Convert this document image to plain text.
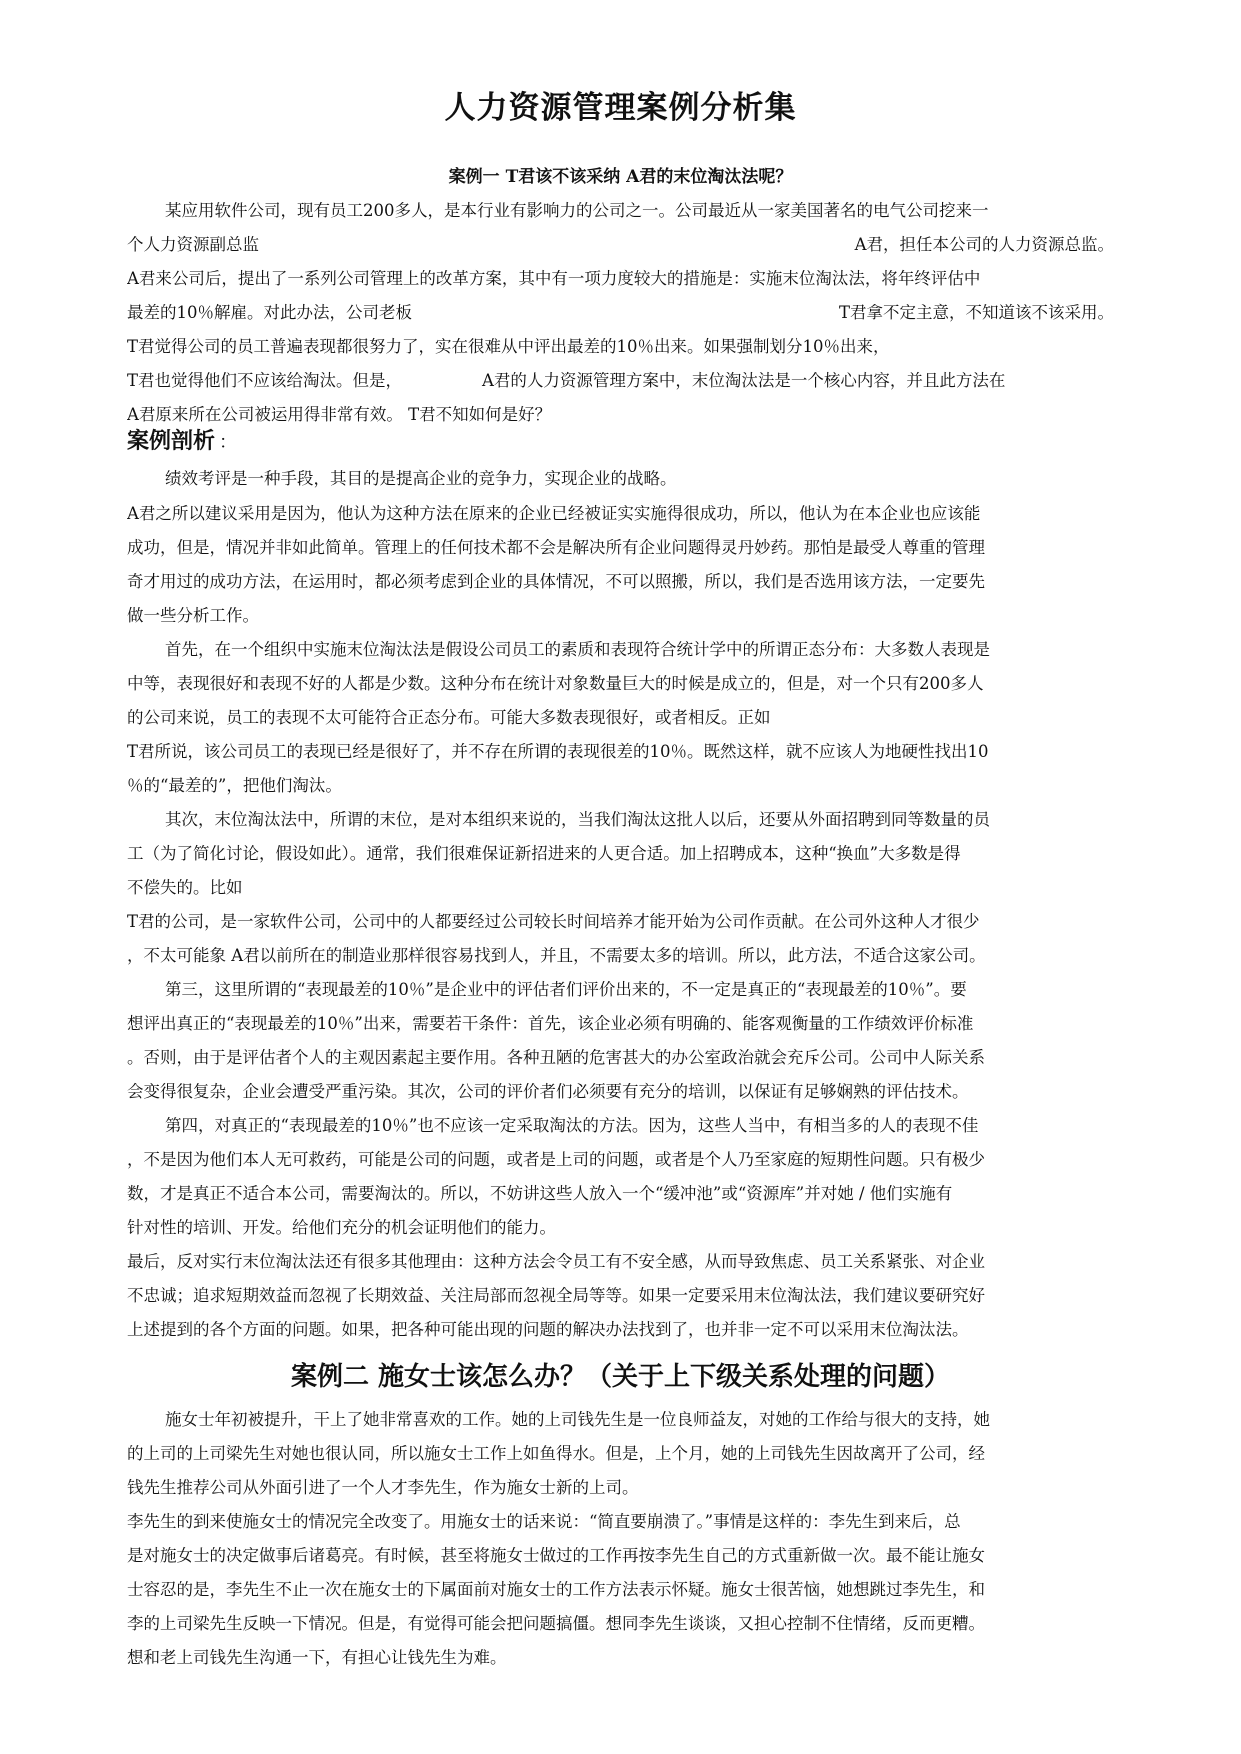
人力资源管理案例分析集
案例一 T君该不该采纳 A君的末位淘汰法呢？
某应用软件公司，现有员工200多人，是本行业有影响力的公司之一。公司最近从一家美国著名的电气公司挖来一
个人力资源副总监	A君，担任本公司的人力资源总监。
A君来公司后，提出了一系列公司管理上的改革方案，其中有一项力度较大的措施是：实施末位淘汰法，将年终评估中
最差的10％解雇。对此办法，公司老板	T君拿不定主意，不知道该不该采用。
T君觉得公司的员工普遍表现都很努力了，实在很难从中评出最差的10％出来。如果强制划分10％出来，
T君也觉得他们不应该给淘汰。但是，	A君的人力资源管理方案中，末位淘汰法是一个核心内容，并且此方法在
A君原来所在公司被运用得非常有效。 T君不知如何是好？
案例剖析 ：
绩效考评是一种手段，其目的是提高企业的竞争力，实现企业的战略。
A君之所以建议采用是因为，他认为这种方法在原来的企业已经被证实实施得很成功，所以，他认为在本企业也应该能
成功，但是，情况并非如此简单。管理上的任何技术都不会是解决所有企业问题得灵丹妙药。那怕是最受人尊重的管理
奇才用过的成功方法，在运用时，都必须考虑到企业的具体情况，不可以照搬，所以，我们是否选用该方法，一定要先
做一些分析工作。
首先，在一个组织中实施末位淘汰法是假设公司员工的素质和表现符合统计学中的所谓正态分布：大多数人表现是
中等，表现很好和表现不好的人都是少数。这种分布在统计对象数量巨大的时候是成立的，但是，对一个只有200多人
的公司来说，员工的表现不太可能符合正态分布。可能大多数表现很好，或者相反。正如
T君所说，该公司员工的表现已经是很好了，并不存在所谓的表现很差的10％。既然这样，就不应该人为地硬性找出10
％的“最差的”，把他们淘汰。
其次，末位淘汰法中，所谓的末位，是对本组织来说的，当我们淘汰这批人以后，还要从外面招聘到同等数量的员
工（为了简化讨论，假设如此）。通常，我们很难保证新招进来的人更合适。加上招聘成本，这种“换血”大多数是得
不偿失的。比如
T君的公司，是一家软件公司，公司中的人都要经过公司较长时间培养才能开始为公司作贡献。在公司外这种人才很少
，不太可能象 A君以前所在的制造业那样很容易找到人，并且，不需要太多的培训。所以，此方法，不适合这家公司。
第三，这里所谓的“表现最差的10％”是企业中的评估者们评价出来的，不一定是真正的“表现最差的10％”。要
想评出真正的“表现最差的10％”出来，需要若干条件：首先，该企业必须有明确的、能客观衡量的工作绩效评价标准
。否则，由于是评估者个人的主观因素起主要作用。各种丑陋的危害甚大的办公室政治就会充斥公司。公司中人际关系
会变得很复杂，企业会遭受严重污染。其次，公司的评价者们必须要有充分的培训，以保证有足够娴熟的评估技术。
第四，对真正的“表现最差的10％”也不应该一定采取淘汰的方法。因为，这些人当中，有相当多的人的表现不佳
，不是因为他们本人无可救药，可能是公司的问题，或者是上司的问题，或者是个人乃至家庭的短期性问题。只有极少
数，才是真正不适合本公司，需要淘汰的。所以，不妨讲这些人放入一个“缓冲池”或“资源库”并对她 / 他们实施有
针对性的培训、开发。给他们充分的机会证明他们的能力。
最后，反对实行末位淘汰法还有很多其他理由：这种方法会令员工有不安全感，从而导致焦虑、员工关系紧张、对企业
不忠诚；追求短期效益而忽视了长期效益、关注局部而忽视全局等等。如果一定要采用末位淘汰法，我们建议要研究好
上述提到的各个方面的问题。如果，把各种可能出现的问题的解决办法找到了，也并非一定不可以采用末位淘汰法。
案例二 施女士该怎么办？（关于上下级关系处理的问题）
施女士年初被提升，干上了她非常喜欢的工作。她的上司钱先生是一位良师益友，对她的工作给与很大的支持，她
的上司的上司梁先生对她也很认同，所以施女士工作上如鱼得水。但是，上个月，她的上司钱先生因故离开了公司，经
钱先生推荐公司从外面引进了一个人才李先生，作为施女士新的上司。
李先生的到来使施女士的情况完全改变了。用施女士的话来说：“简直要崩溃了。”事情是这样的：李先生到来后，总
是对施女士的决定做事后诸葛亮。有时候，甚至将施女士做过的工作再按李先生自己的方式重新做一次。最不能让施女
士容忍的是，李先生不止一次在施女士的下属面前对施女士的工作方法表示怀疑。施女士很苦恼，她想跳过李先生，和
李的上司梁先生反映一下情况。但是，有觉得可能会把问题搞僵。想同李先生谈谈，又担心控制不住情绪，反而更糟。
想和老上司钱先生沟通一下，有担心让钱先生为难。
